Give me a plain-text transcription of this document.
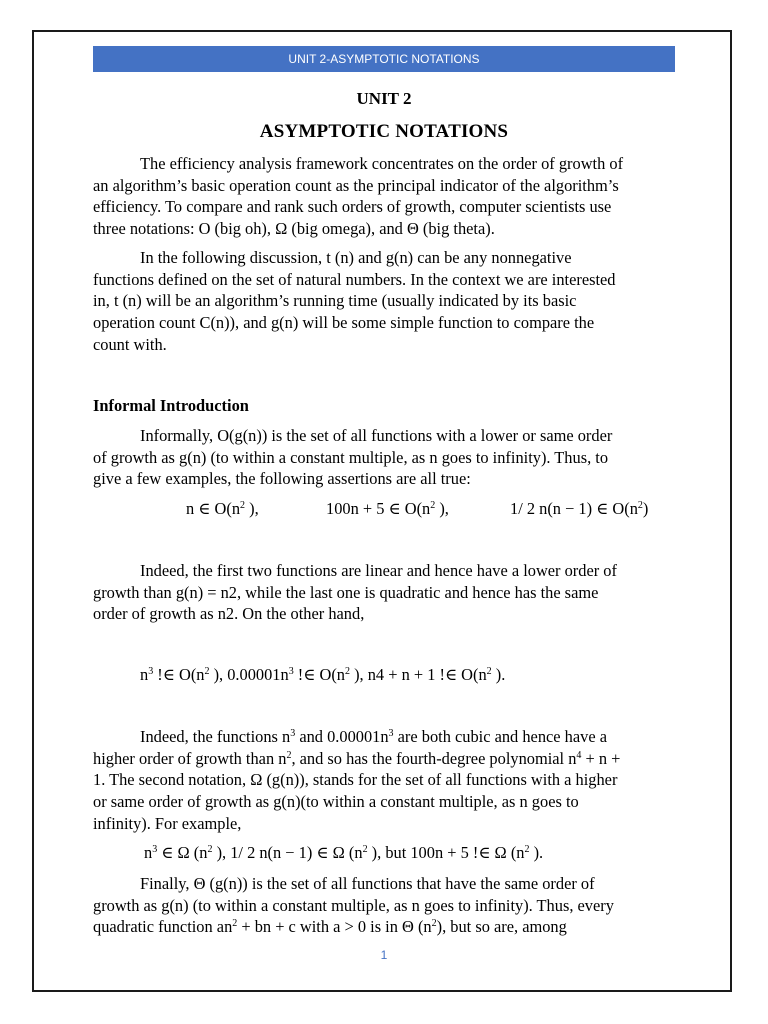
UNIT 2-ASYMPTOTIC NOTATIONS
UNIT 2
ASYMPTOTIC NOTATIONS
The efficiency analysis framework concentrates on the order of growth of
an algorithm’s basic operation count as the principal indicator of the algorithm’s
efficiency. To compare and rank such orders of growth, computer scientists use
three notations: O (big oh), Ω (big omega), and Θ (big theta).
In the following discussion, t (n) and g(n) can be any nonnegative
functions defined on the set of natural numbers. In the context we are interested
in, t (n) will be an algorithm’s running time (usually indicated by its basic
operation count C(n)), and g(n) will be some simple function to compare the
count with.
Informal Introduction
Informally, O(g(n)) is the set of all functions with a lower or same order
of growth as g(n) (to within a constant multiple, as n goes to infinity). Thus, to
give a few examples, the following assertions are all true:
n ∈ $O(n^2$ ),	100n + 5 ∈ $O(n^2$ ),	1/ 2 n(n − 1) ∈ $O(n^2)$
Indeed, the first two functions are linear and hence have a lower order of
growth than g(n) = n2, while the last one is quadratic and hence has the same
order of growth as n2. On the other hand,
$n^3$ !∈ $O(n^2$ ), $0.00001n^3$ !∈ $O(n^2$ ), n4 + n + 1 !∈ $O(n^2$ ).
Indeed, the functions $n^3$ and $0.00001n^3$ are both cubic and hence have a
higher order of growth than $n^2$, and so has the fourth-degree polynomial $n^4 + n$ +
1. The second notation, Ω (g(n)), stands for the set of all functions with a higher
or same order of growth as g(n)(to within a constant multiple, as n goes to
infinity). For example,
$n^3$ ∈ Ω ($n^2$ ), 1/ 2 n(n − 1) ∈ Ω ($n^2$ ), but 100n + 5 !∈ Ω ($n^2$ ).
Finally, Θ (g(n)) is the set of all functions that have the same order of
growth as g(n) (to within a constant multiple, as n goes to infinity). Thus, every
quadratic function $an^2$ + bn + c with a > 0 is in Θ $(n^2)$, but so are, among
1
